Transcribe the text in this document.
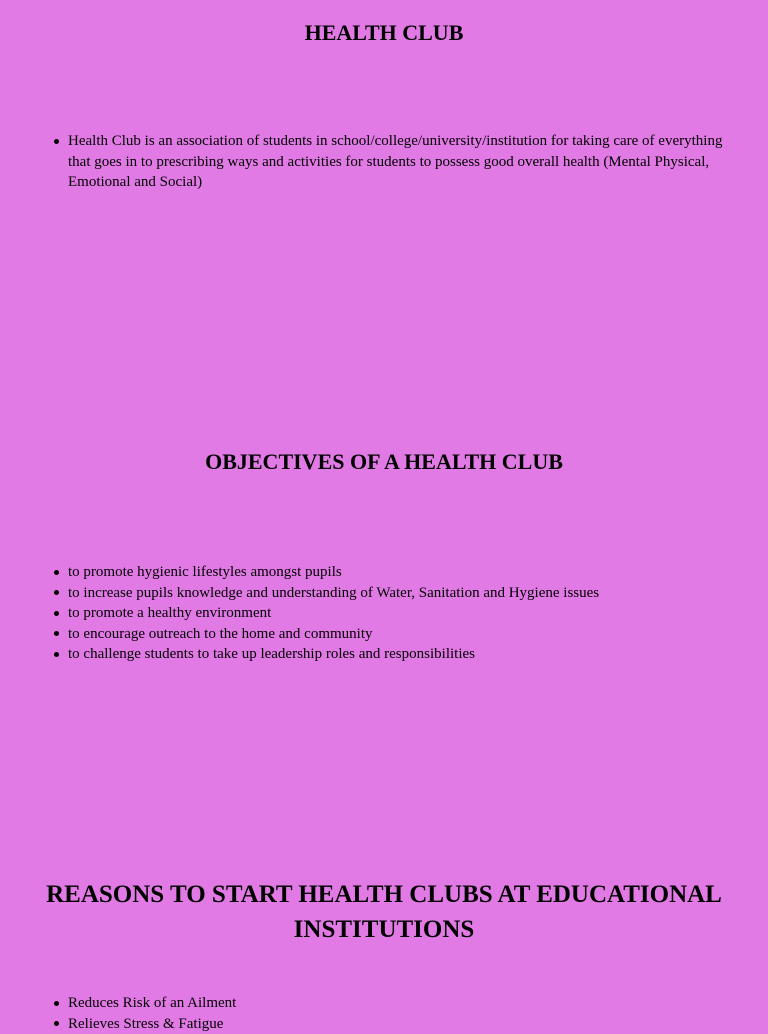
HEALTH CLUB
Health Club is an association of students in school/college/university/institution for taking care of everything that goes in to prescribing ways and activities for students to possess good overall health (Mental Physical, Emotional and Social)
OBJECTIVES OF A HEALTH CLUB
to promote hygienic lifestyles amongst pupils
to increase pupils knowledge and understanding of Water, Sanitation and Hygiene issues
to promote a healthy environment
to encourage outreach to the home and community
to challenge students to take up leadership roles and responsibilities
REASONS TO START HEALTH CLUBS AT EDUCATIONAL INSTITUTIONS
Reduces Risk of an Ailment
Relieves Stress & Fatigue
